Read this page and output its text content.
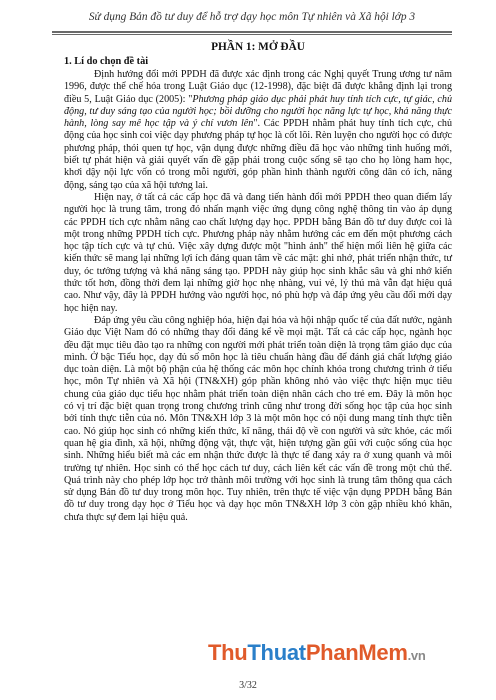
Sử dụng Bản đồ tư duy để hỗ trợ dạy học môn Tự nhiên và Xã hội lớp 3
PHẦN 1: MỞ ĐẦU
1. Lí do chọn đề tài

Định hướng đổi mới PPDH đã được xác định trong các Nghị quyết Trung ương tư năm 1996, được thể chế hóa trong Luật Giáo dục (12-1998), đặc biệt đã được khẳng định lại trong điều 5, Luật Giáo dục (2005): "Phương pháp giáo dục phải phát huy tính tích cực, tự giác, chủ động, tư duy sáng tạo của người học; bồi dưỡng cho người học năng lực tự học, khả năng thực hành, lòng say mê học tập và ý chí vươn lên". Các PPDH nhằm phát huy tính tích cực, chủ động của học sinh coi việc dạy phương pháp tự học là cốt lõi. Rèn luyện cho người học có được phương pháp, thói quen tự học, vận dụng được những điều đã học vào những tình huống mới, biết tự phát hiện và giải quyết vấn đề gặp phải trong cuộc sống sẽ tạo cho họ lòng ham học, khơi dậy nội lực vốn có trong mỗi người, góp phần hình thành người công dân có ích, năng động, sáng tạo của xã hội tương lai.

Hiện nay, ở tất cả các cấp học đã và đang tiến hành đổi mới PPDH theo quan điểm lấy người học là trung tâm, trong đó nhấn mạnh việc ứng dụng công nghệ thông tin vào áp dụng các PPDH tích cực nhằm nâng cao chất lượng dạy học. PPDH bằng Bản đồ tư duy được coi là một trong những PPDH tích cực. Phương pháp này nhằm hướng các em đến một phương cách học tập tích cực và tự chủ. Việc xây dựng được một "hình ảnh" thể hiện mối liên hệ giữa các kiến thức sẽ mang lại những lợi ích đáng quan tâm về các mặt: ghi nhớ, phát triển nhận thức, tư duy, óc tưởng tượng và khả năng sáng tạo. PPDH này giúp học sinh khắc sâu và ghi nhớ kiến thức tốt hơn, đồng thời đem lại những giờ học nhẹ nhàng, vui vẻ, lý thú mà vẫn đạt hiệu quả cao. Như vậy, đây là PPDH hướng vào người học, nó phù hợp và đáp ứng yêu cầu đổi mới dạy học hiện nay.

Đáp ứng yêu cầu công nghiệp hóa, hiện đại hóa và hội nhập quốc tế của đất nước, ngành Giáo dục Việt Nam đó có những thay đổi đáng kể về mọi mặt. Tất cả các cấp học, ngành học đều đặt mục tiêu đào tạo ra những con người mới phát triển toàn diện là trọng tâm giáo dục của mình. Ở bậc Tiểu học, dạy đủ số môn học là tiêu chuẩn hàng đầu để đánh giá chất lượng giáo dục toàn diện. Là một bộ phận của hệ thống các môn học chính khóa trong chương trình ở tiểu học, môn Tự nhiên và Xã hội (TN&XH) góp phần không nhỏ vào việc thực hiện mục tiêu chung của giáo dục tiểu học nhằm phát triển toàn diện nhân cách cho trẻ em. Đây là môn học có vị trí đặc biệt quan trọng trong chương trình cũng như trong đời sống học tập của học sinh bởi tính thực tiễn của nó. Môn TN&XH lớp 3 là một môn học có nội dung mang tính thực tiễn cao. Nó giúp học sinh có những kiến thức, kĩ năng, thái độ về con người và sức khỏe, các mối quan hệ gia đình, xã hội, những động vật, thực vật, hiện tượng gần gũi với cuộc sống của học sinh. Những hiểu biết mà các em nhận thức được là thực tế đang xảy ra ở xung quanh và môi trường tự nhiên. Học sinh có thể học cách tư duy, cách liên kết các vấn đề trong một chủ thể. Quá trình này cho phép lớp học trở thành môi trường với học sinh là trung tâm thông qua cách sử dụng Bản đồ tư duy trong môn học. Tuy nhiên, trên thực tế việc vận dụng PPDH bằng Bản đồ tư duy trong dạy học ở Tiểu học và dạy học môn TN&XH lớp 3 còn gặp nhiều khó khăn, chưa thực sự đem lại hiệu quả.

ThuThuatPhanMem.vn
3/32
